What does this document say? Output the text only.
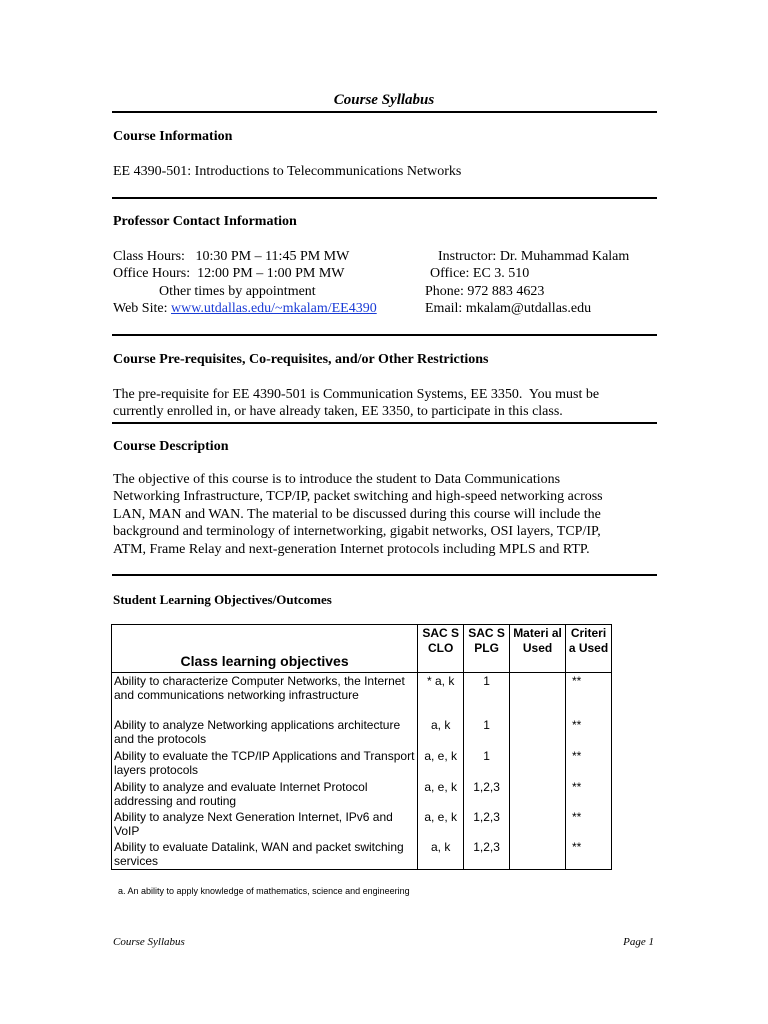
Course Syllabus
Course Information
EE 4390-501: Introductions to Telecommunications Networks
Professor Contact Information
Class Hours:   10:30 PM – 11:45 PM MW
Office Hours:  12:00 PM – 1:00 PM MW
Other times by appointment
Web Site: www.utdallas.edu/~mkalam/EE4390
Instructor: Dr. Muhammad Kalam
Office: EC 3. 510
Phone: 972 883 4623
Email: mkalam@utdallas.edu
Course Pre-requisites, Co-requisites, and/or Other Restrictions
The pre-requisite for EE 4390-501 is Communication Systems, EE 3350.  You must be
currently enrolled in, or have already taken, EE 3350, to participate in this class.
Course Description
The objective of this course is to introduce the student to Data Communications
Networking Infrastructure, TCP/IP, packet switching and high-speed networking across
LAN, MAN and WAN. The material to be discussed during this course will include the
background and terminology of internetworking, gigabit networks, OSI layers, TCP/IP,
ATM, Frame Relay and next-generation Internet protocols including MPLS and RTP.
Student Learning Objectives/Outcomes
Class learning objectives	SAC S CLO	SAC S PLG	Materi al Used	Criteri a Used
Ability to characterize Computer Networks, the Internet and communications networking infrastructure	* a, k	1		**
Ability to analyze Networking applications architecture and the protocols	a, k	1		**
Ability to evaluate the TCP/IP Applications and Transport layers protocols	a, e, k	1		**
Ability to analyze and evaluate Internet Protocol addressing and routing	a, e, k	1,2,3		**
Ability to analyze Next Generation Internet, IPv6 and VoIP	a, e, k	1,2,3		**
Ability to evaluate Datalink, WAN and packet switching services	a, k	1,2,3		**
a. An ability to apply knowledge of mathematics, science and engineering
Course Syllabus	Page 1
